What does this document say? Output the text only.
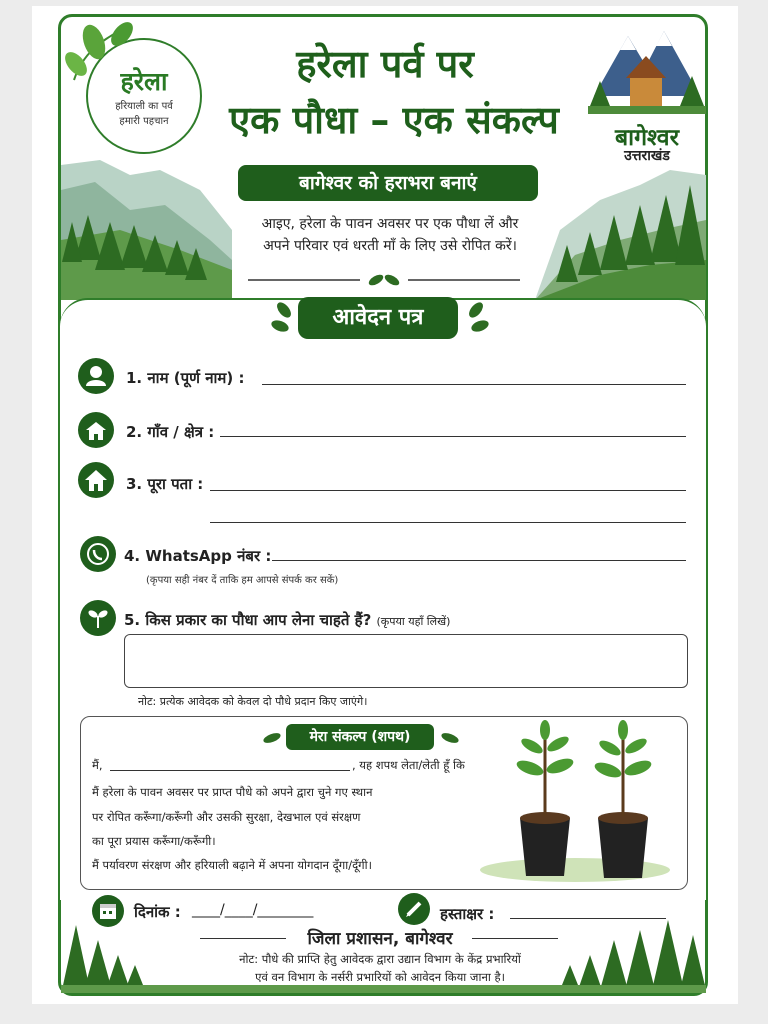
हरेला
हरियाली का पर्व
हमारी पहचान
हरेला पर्व पर
एक पौधा – एक संकल्प	बागेश्वर
उत्तराखंड
बागेश्वर को हराभरा बनाएं
आइए, हरेला के पावन अवसर पर एक पौधा लें और
अपने परिवार एवं धरती माँ के लिए उसे रोपित करें।
आवेदन पत्र
1. नाम (पूर्ण नाम) :
2. गाँव / क्षेत्र :
3. पूरा पता :
4. WhatsApp नंबर :
(कृपया सही नंबर दें ताकि हम आपसे संपर्क कर सकें)
5. किस प्रकार का पौधा आप लेना चाहते हैं? (कृपया यहाँ लिखें)
नोट: प्रत्येक आवेदक को केवल दो पौधे प्रदान किए जाएंगे।
मेरा संकल्प (शपथ)
मैं,	, यह शपथ लेता/लेती हूँ कि
मैं हरेला के पावन अवसर पर प्राप्त पौधे को अपने द्वारा चुने गए स्थान
पर रोपित करूँगा/करूँगी और उसकी सुरक्षा, देखभाल एवं संरक्षण
का पूरा प्रयास करूँगा/करूँगी।
मैं पर्यावरण संरक्षण और हरियाली बढ़ाने में अपना योगदान दूँगा/दूँगी।
दिनांक : ____/____/________	हस्ताक्षर :
जिला प्रशासन, बागेश्वर
नोट: पौधे की प्राप्ति हेतु आवेदक द्वारा उद्यान विभाग के केंद्र प्रभारियों
एवं वन विभाग के नर्सरी प्रभारियों को आवेदन किया जाना है।
